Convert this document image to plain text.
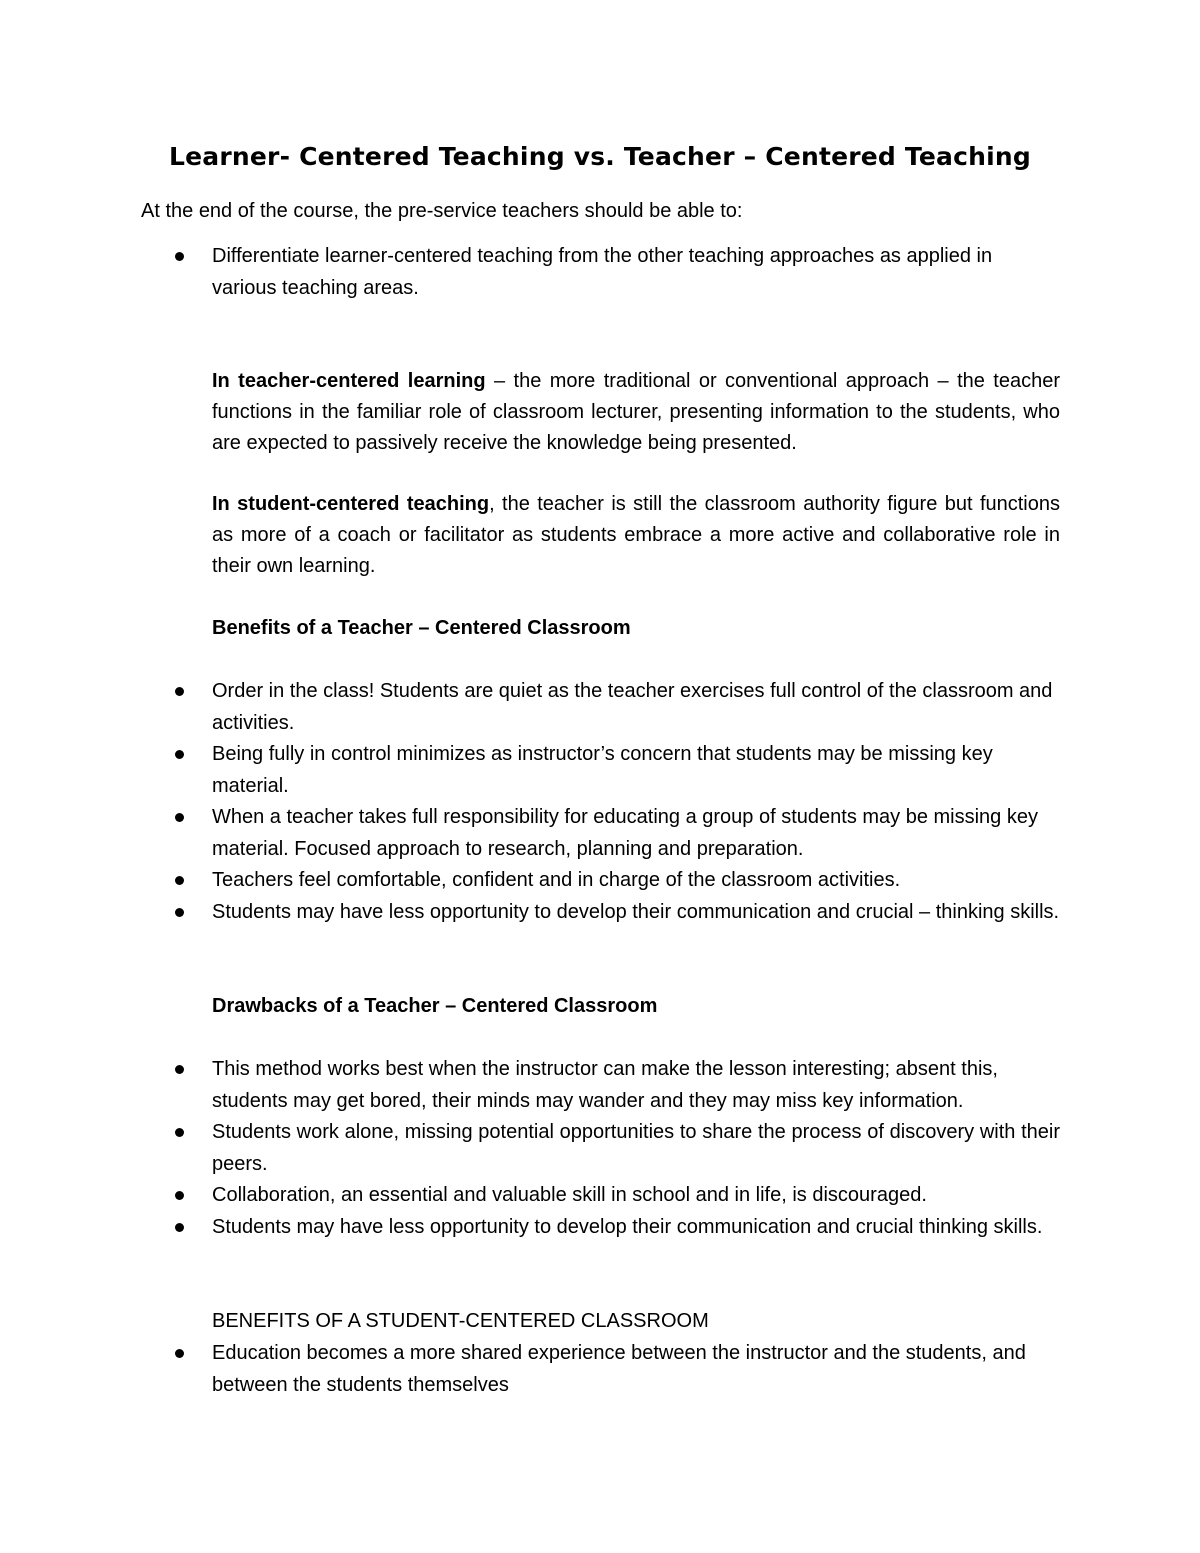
Learner- Centered Teaching vs. Teacher – Centered Teaching
At the end of the course, the pre-service teachers should be able to:
Differentiate learner-centered teaching from the other teaching approaches as applied in various teaching areas.
In teacher-centered learning – the more traditional or conventional approach – the teacher functions in the familiar role of classroom lecturer, presenting information to the students, who are expected to passively receive the knowledge being presented.
In student-centered teaching, the teacher is still the classroom authority figure but functions as more of a coach or facilitator as students embrace a more active and collaborative role in their own learning.
Benefits of a Teacher – Centered Classroom
Order in the class! Students are quiet as the teacher exercises full control of the classroom and activities.
Being fully in control minimizes as instructor’s concern that students may be missing key material.
When a teacher takes full responsibility for educating a group of students may be missing key material. Focused approach to research, planning and preparation.
Teachers feel comfortable, confident and in charge of the classroom activities.
Students may have less opportunity to develop their communication and crucial – thinking skills.
Drawbacks of a Teacher – Centered Classroom
This method works best when the instructor can make the lesson interesting; absent this, students may get bored, their minds may wander and they may miss key information.
Students work alone, missing potential opportunities to share the process of discovery with their peers.
Collaboration, an essential and valuable skill in school and in life, is discouraged.
Students may have less opportunity to develop their communication and crucial thinking skills.
BENEFITS OF A STUDENT-CENTERED CLASSROOM
Education becomes a more shared experience between the instructor and the students, and between the students themselves
